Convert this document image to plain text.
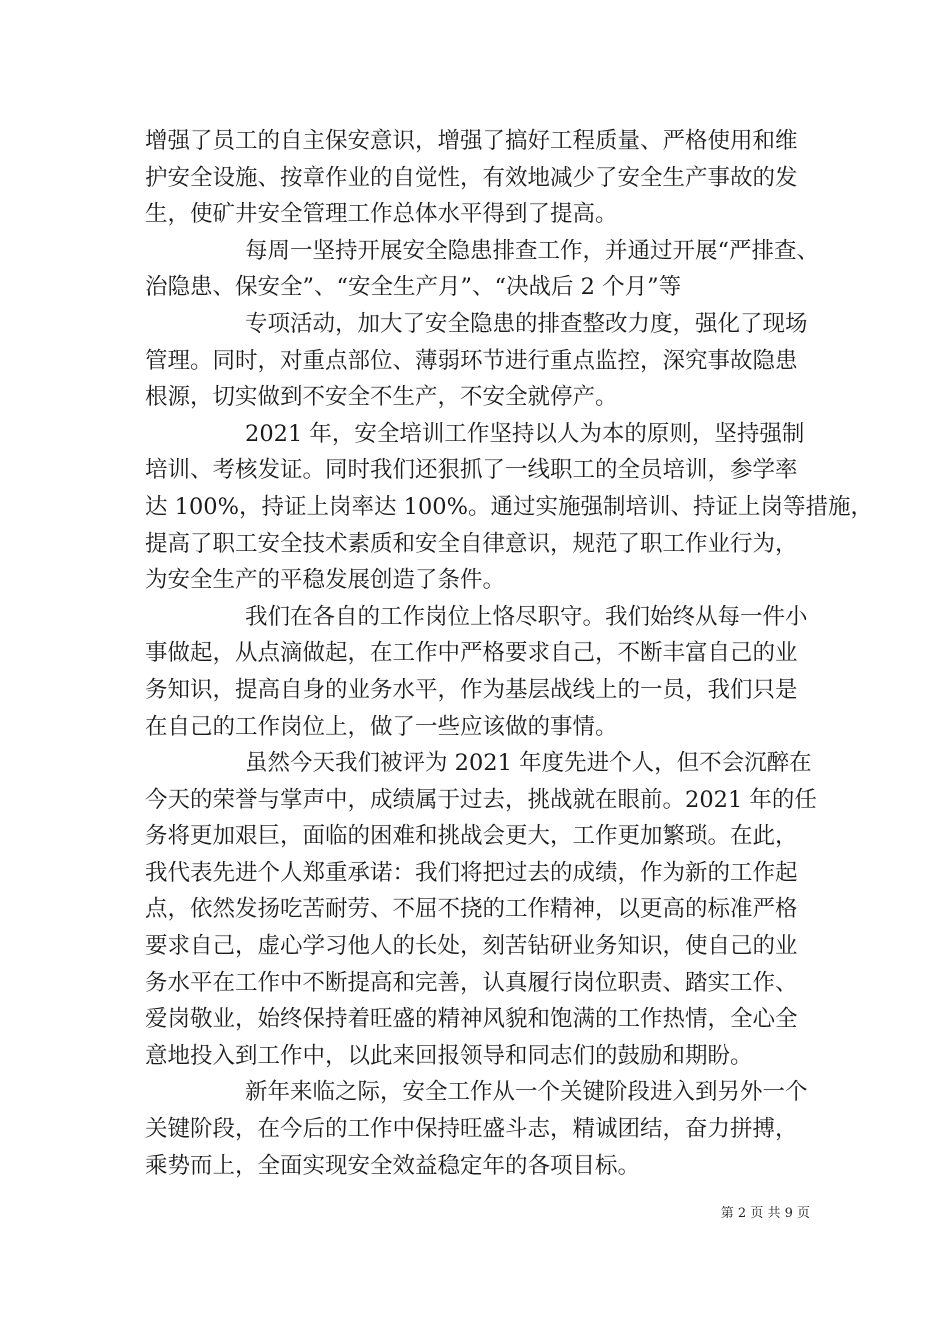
增强了员工的自主保安意识，增强了搞好工程质量、严格使用和维
护安全设施、按章作业的自觉性，有效地减少了安全生产事故的发
生，使矿井安全管理工作总体水平得到了提高。
每周一坚持开展安全隐患排查工作，并通过开展“严排查、
治隐患、保安全”、“安全生产月”、“决战后 2 个月”等
专项活动，加大了安全隐患的排查整改力度，强化了现场
管理。同时，对重点部位、薄弱环节进行重点监控，深究事故隐患
根源，切实做到不安全不生产，不安全就停产。
2021 年，安全培训工作坚持以人为本的原则，坚持强制
培训、考核发证。同时我们还狠抓了一线职工的全员培训，参学率
达 100%，持证上岗率达 100%。通过实施强制培训、持证上岗等措施，
提高了职工安全技术素质和安全自律意识，规范了职工作业行为，
为安全生产的平稳发展创造了条件。
我们在各自的工作岗位上恪尽职守。我们始终从每一件小
事做起，从点滴做起，在工作中严格要求自己，不断丰富自己的业
务知识，提高自身的业务水平，作为基层战线上的一员，我们只是
在自己的工作岗位上，做了一些应该做的事情。
虽然今天我们被评为 2021 年度先进个人，但不会沉醉在
今天的荣誉与掌声中，成绩属于过去，挑战就在眼前。2021 年的任
务将更加艰巨，面临的困难和挑战会更大，工作更加繁琐。在此，
我代表先进个人郑重承诺：我们将把过去的成绩，作为新的工作起
点，依然发扬吃苦耐劳、不屈不挠的工作精神，以更高的标准严格
要求自己，虚心学习他人的长处，刻苦钻研业务知识，使自己的业
务水平在工作中不断提高和完善，认真履行岗位职责、踏实工作、
爱岗敬业，始终保持着旺盛的精神风貌和饱满的工作热情，全心全
意地投入到工作中，以此来回报领导和同志们的鼓励和期盼。
新年来临之际，安全工作从一个关键阶段进入到另外一个
关键阶段，在今后的工作中保持旺盛斗志，精诚团结，奋力拼搏，
乘势而上，全面实现安全效益稳定年的各项目标。
第 2 页 共 9 页
